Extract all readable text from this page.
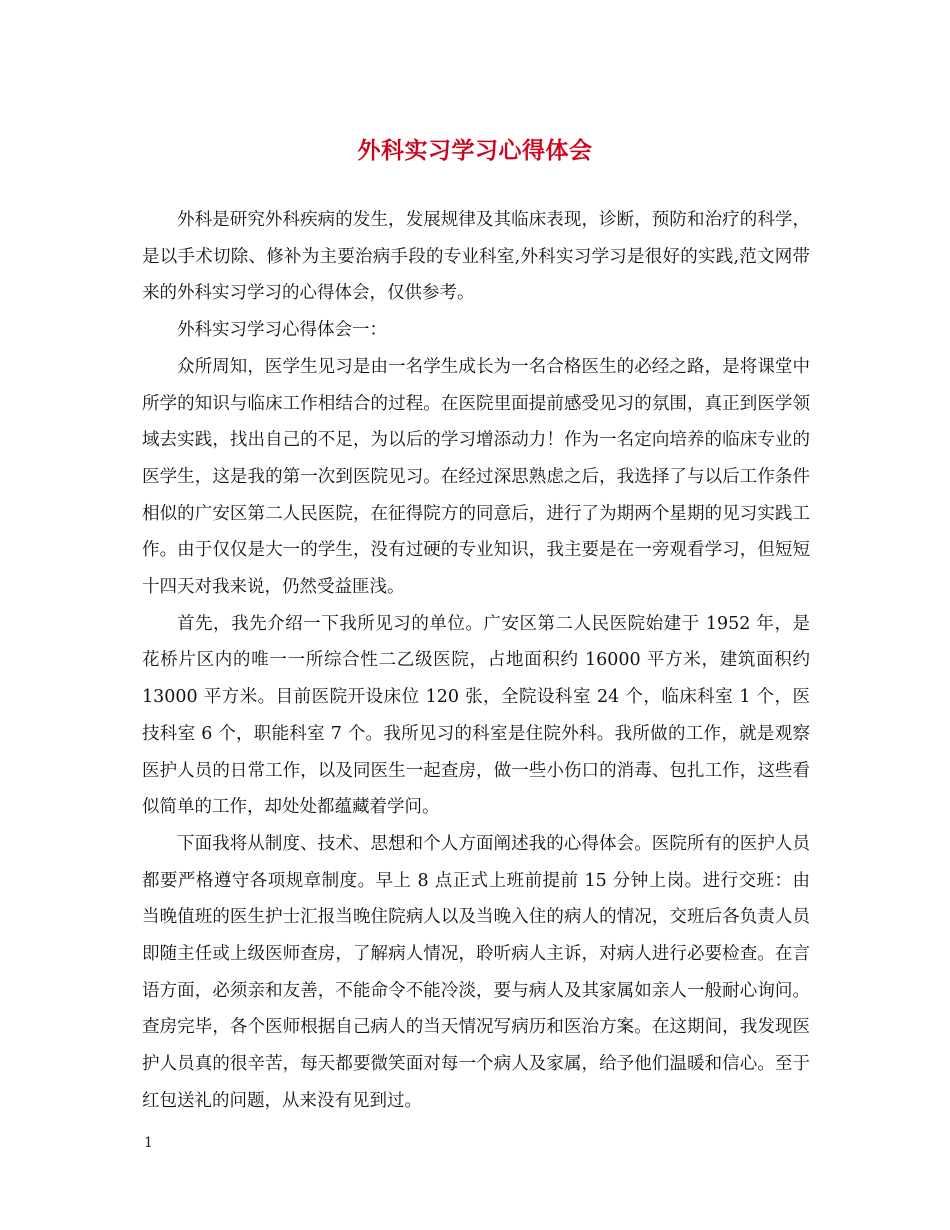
外科实习学习心得体会

外科是研究外科疾病的发生，发展规律及其临床表现，诊断，预防和治疗的科学，是以手术切除、修补为主要治病手段的专业科室,外科实习学习是很好的实践,范文网带来的外科实习学习的心得体会，仅供参考。

外科实习学习心得体会一：

众所周知，医学生见习是由一名学生成长为一名合格医生的必经之路，是将课堂中所学的知识与临床工作相结合的过程。在医院里面提前感受见习的氛围，真正到医学领域去实践，找出自己的不足，为以后的学习增添动力！作为一名定向培养的临床专业的医学生，这是我的第一次到医院见习。在经过深思熟虑之后，我选择了与以后工作条件相似的广安区第二人民医院，在征得院方的同意后，进行了为期两个星期的见习实践工作。由于仅仅是大一的学生，没有过硬的专业知识，我主要是在一旁观看学习，但短短十四天对我来说，仍然受益匪浅。

首先，我先介绍一下我所见习的单位。广安区第二人民医院始建于 1952 年，是花桥片区内的唯一一所综合性二乙级医院，占地面积约 16000 平方米，建筑面积约 13000 平方米。目前医院开设床位 120 张，全院设科室 24 个，临床科室 1 个，医技科室 6 个，职能科室 7 个。我所见习的科室是住院外科。我所做的工作，就是观察医护人员的日常工作，以及同医生一起查房，做一些小伤口的消毒、包扎工作，这些看似简单的工作，却处处都蕴藏着学问。

下面我将从制度、技术、思想和个人方面阐述我的心得体会。医院所有的医护人员都要严格遵守各项规章制度。早上 8 点正式上班前提前 15 分钟上岗。进行交班：由当晚值班的医生护士汇报当晚住院病人以及当晚入住的病人的情况，交班后各负责人员即随主任或上级医师查房，了解病人情况，聆听病人主诉，对病人进行必要检查。在言语方面，必须亲和友善，不能命令不能冷淡，要与病人及其家属如亲人一般耐心询问。查房完毕，各个医师根据自己病人的当天情况写病历和医治方案。在这期间，我发现医护人员真的很辛苦，每天都要微笑面对每一个病人及家属，给予他们温暖和信心。至于红包送礼的问题，从来没有见到过。

1
